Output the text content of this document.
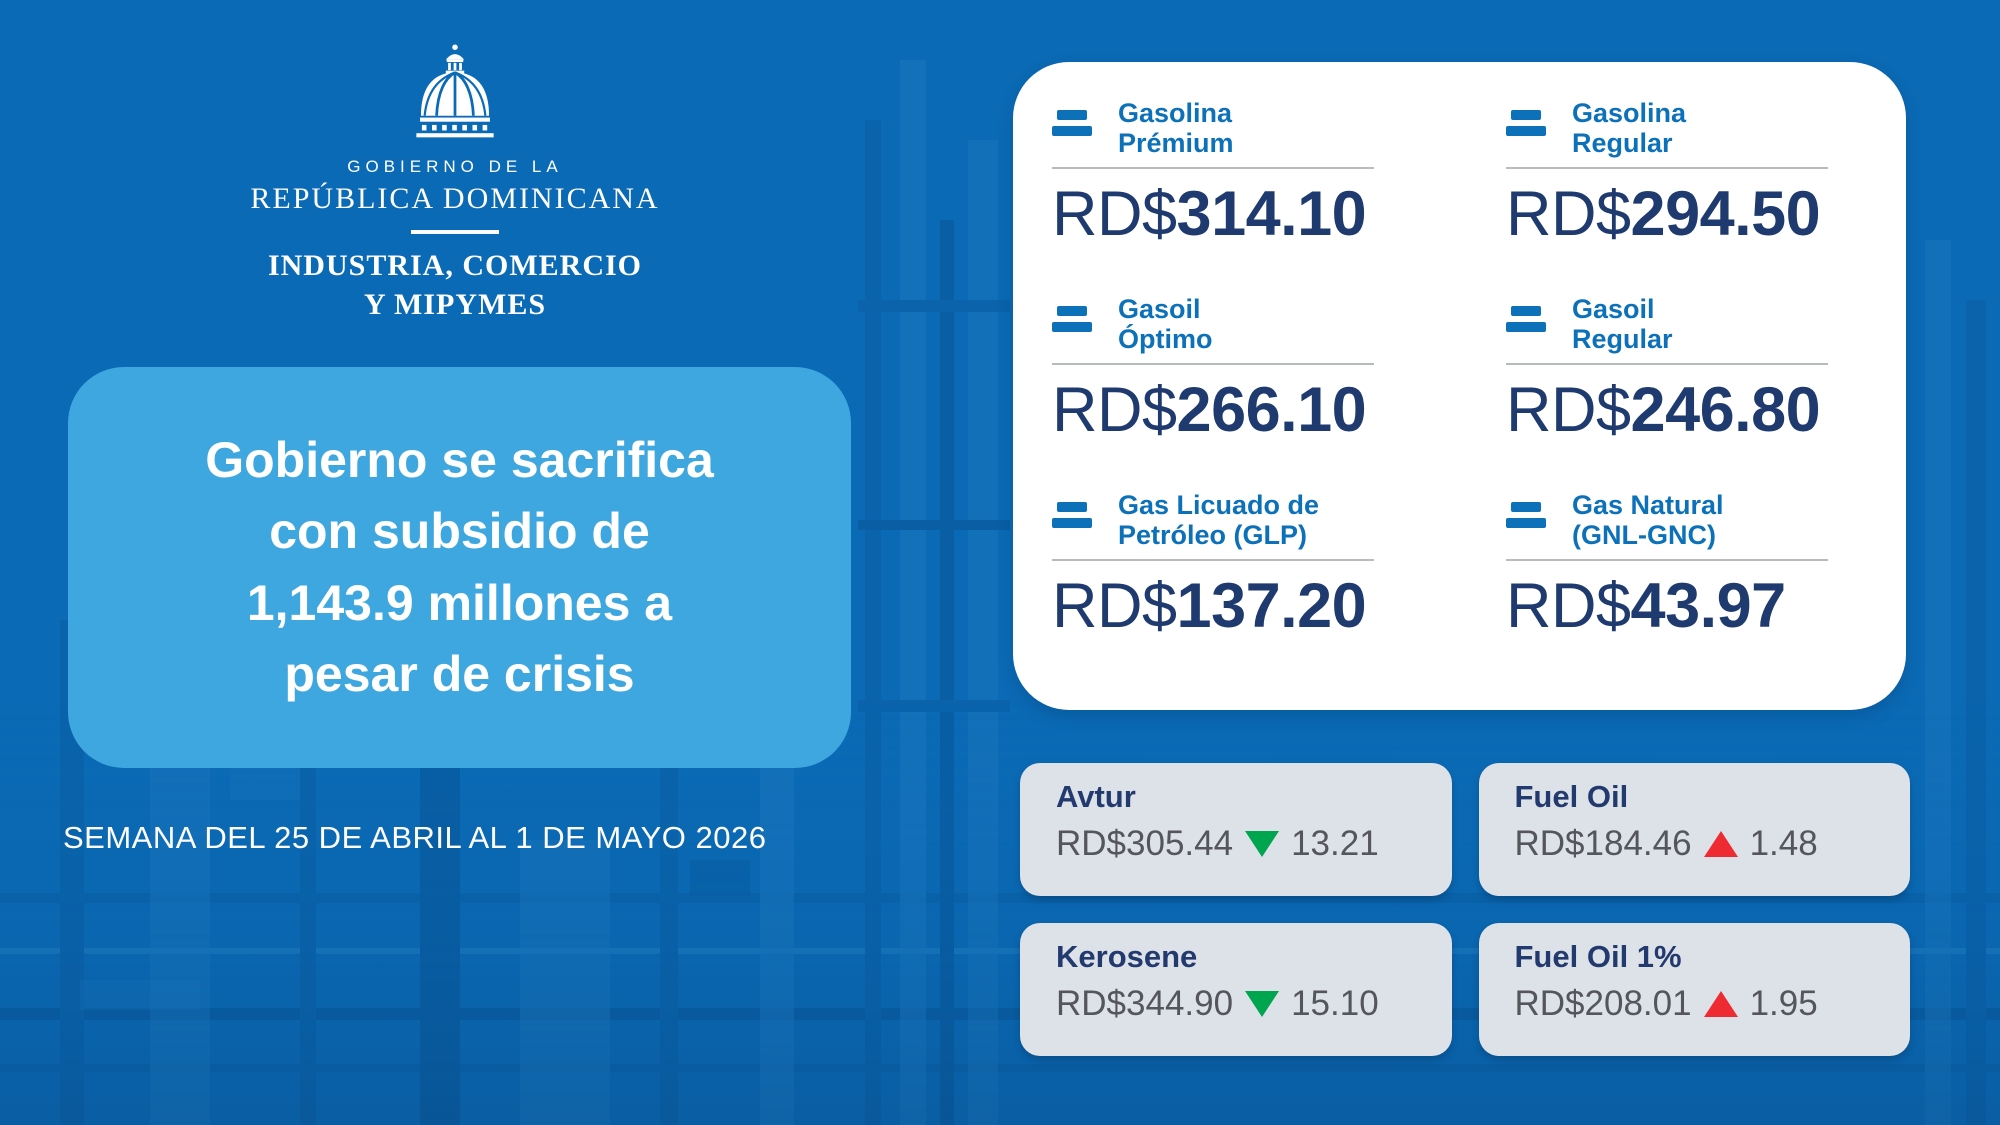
GOBIERNO DE LA
REPÚBLICA DOMINICANA
INDUSTRIA, COMERCIO
Y MIPYMES
Gobierno se sacrifica
con subsidio de
1,143.9 millones a
pesar de crisis
SEMANA DEL 25 DE ABRIL AL 1 DE MAYO 2026
Gasolina
Prémium
RD$314.10
Gasolina
Regular
RD$294.50
Gasoil
Óptimo
RD$266.10
Gasoil
Regular
RD$246.80
Gas Licuado de
Petróleo (GLP)
RD$137.20
Gas Natural
(GNL-GNC)
RD$43.97
Avtur
RD$305.44 13.21
Fuel Oil
RD$184.46 1.48
Kerosene
RD$344.90 15.10
Fuel Oil 1%
RD$208.01 1.95
